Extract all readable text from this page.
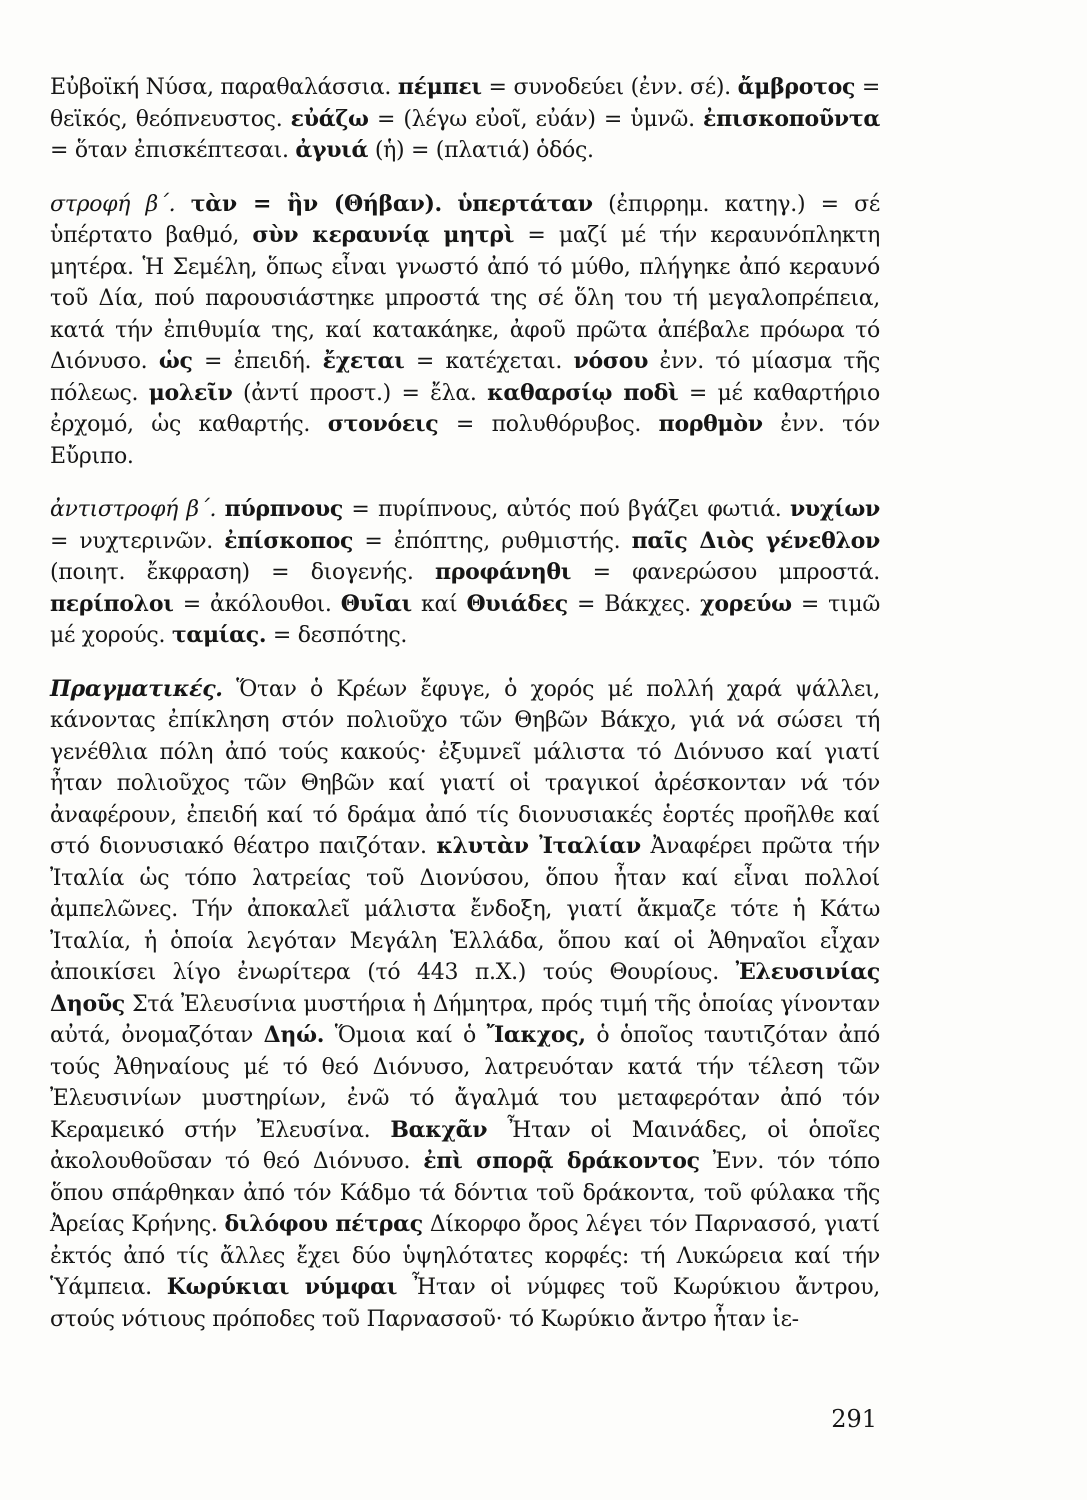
Εὐβοϊκή Νύσα, παραθαλάσσια. πέμπει = συνοδεύει (ἐνν. σέ). ἄμβροτος = θεϊκός, θεόπνευστος. εὐάζω = (λέγω εὐοῖ, εὐάν) = ὑμνῶ. ἐπισκοποῦντα = ὅταν ἐπισκέπτεσαι. ἀγυιά (ἡ) = (πλατιά) ὁδός.

στροφή β΄. τὰν = ἣν (Θήβαν). ὑπερτάταν (ἐπιρρημ. κατηγ.) = σέ ὑπέρτατο βαθμό, σὺν κεραυνίᾳ μητρὶ = μαζί μέ τήν κεραυνόπληκτη μητέρα. Ἡ Σεμέλη, ὅπως εἶναι γνωστό ἀπό τό μύθο, πλήγηκε ἀπό κεραυνό τοῦ Δία, πού παρουσιάστηκε μπροστά της σέ ὅλη του τή μεγαλοπρέπεια, κατά τήν ἐπιθυμία της, καί κατακάηκε, ἀφοῦ πρῶτα ἀπέβαλε πρόωρα τό Διόνυσο. ὡς = ἐπειδή. ἔχεται = κατέχεται. νόσου ἐνν. τό μίασμα τῆς πόλεως. μολεῖν (ἀντί προστ.) = ἔλα. καθαρσίῳ ποδὶ = μέ καθαρτήριο ἐρχομό, ὡς καθαρτής. στονόεις = πολυθόρυβος. πορθμὸν ἐνν. τόν Εὔριπο.

ἀντιστροφή β΄. πύρπνους = πυρίπνους, αὐτός πού βγάζει φωτιά. νυχίων = νυχτερινῶν. ἐπίσκοπος = ἐπόπτης, ρυθμιστής. παῖς Διὸς γένεθλον (ποιητ. ἔκφραση) = διογενής. προφάνηθι = φανερώσου μπροστά. περίπολοι = ἀκόλουθοι. Θυῖαι καί Θυιάδες = Βάκχες. χορεύω = τιμῶ μέ χορούς. ταμίας. = δεσπότης.

Πραγματικές. Ὅταν ὁ Κρέων ἔφυγε, ὁ χορός μέ πολλή χαρά ψάλλει, κάνοντας ἐπίκληση στόν πολιοῦχο τῶν Θηβῶν Βάκχο, γιά νά σώσει τή γενέθλια πόλη ἀπό τούς κακούς· ἐξυμνεῖ μάλιστα τό Διόνυσο καί γιατί ἦταν πολιοῦχος τῶν Θηβῶν καί γιατί οἱ τραγικοί ἀρέσκονταν νά τόν ἀναφέρουν, ἐπειδή καί τό δράμα ἀπό τίς διονυσιακές ἑορτές προῆλθε καί στό διονυσιακό θέατρο παιζόταν. κλυτὰν Ἰταλίαν Ἀναφέρει πρῶτα τήν Ἰταλία ὡς τόπο λατρείας τοῦ Διονύσου, ὅπου ἦταν καί εἶναι πολλοί ἀμπελῶνες. Τήν ἀποκαλεῖ μάλιστα ἔνδοξη, γιατί ἄκμαζε τότε ἡ Κάτω Ἰταλία, ἡ ὁποία λεγόταν Μεγάλη Ἑλλάδα, ὅπου καί οἱ Ἀθηναῖοι εἶχαν ἀποικίσει λίγο ἐνωρίτερα (τό 443 π.Χ.) τούς Θουρίους. Ἐλευσινίας Δηοῦς Στά Ἐλευσίνια μυστήρια ἡ Δήμητρα, πρός τιμή τῆς ὁποίας γίνονταν αὐτά, ὀνομαζόταν Δηώ. Ὅμοια καί ὁ Ἴακχος, ὁ ὁποῖος ταυτιζόταν ἀπό τούς Ἀθηναίους μέ τό θεό Διόνυσο, λατρευόταν κατά τήν τέλεση τῶν Ἐλευσινίων μυστηρίων, ἐνῶ τό ἄγαλμά του μεταφερόταν ἀπό τόν Κεραμεικό στήν Ἐλευσίνα. Βακχᾶν Ἦταν οἱ Μαινάδες, οἱ ὁποῖες ἀκολουθοῦσαν τό θεό Διόνυσο. ἐπὶ σπορᾷ δράκοντος Ἐνν. τόν τόπο ὅπου σπάρθηκαν ἀπό τόν Κάδμο τά δόντια τοῦ δράκοντα, τοῦ φύλακα τῆς Ἀρείας Κρήνης. διλόφου πέτρας Δίκορφο ὄρος λέγει τόν Παρνασσό, γιατί ἐκτός ἀπό τίς ἄλλες ἔχει δύο ὑψηλότατες κορφές: τή Λυκώρεια καί τήν Ὑάμπεια. Κωρύκιαι νύμφαι Ἦταν οἱ νύμφες τοῦ Κωρύκιου ἄντρου, στούς νότιους πρόποδες τοῦ Παρνασσοῦ· τό Κωρύκιο ἄντρο ἦταν ἱε-

291
